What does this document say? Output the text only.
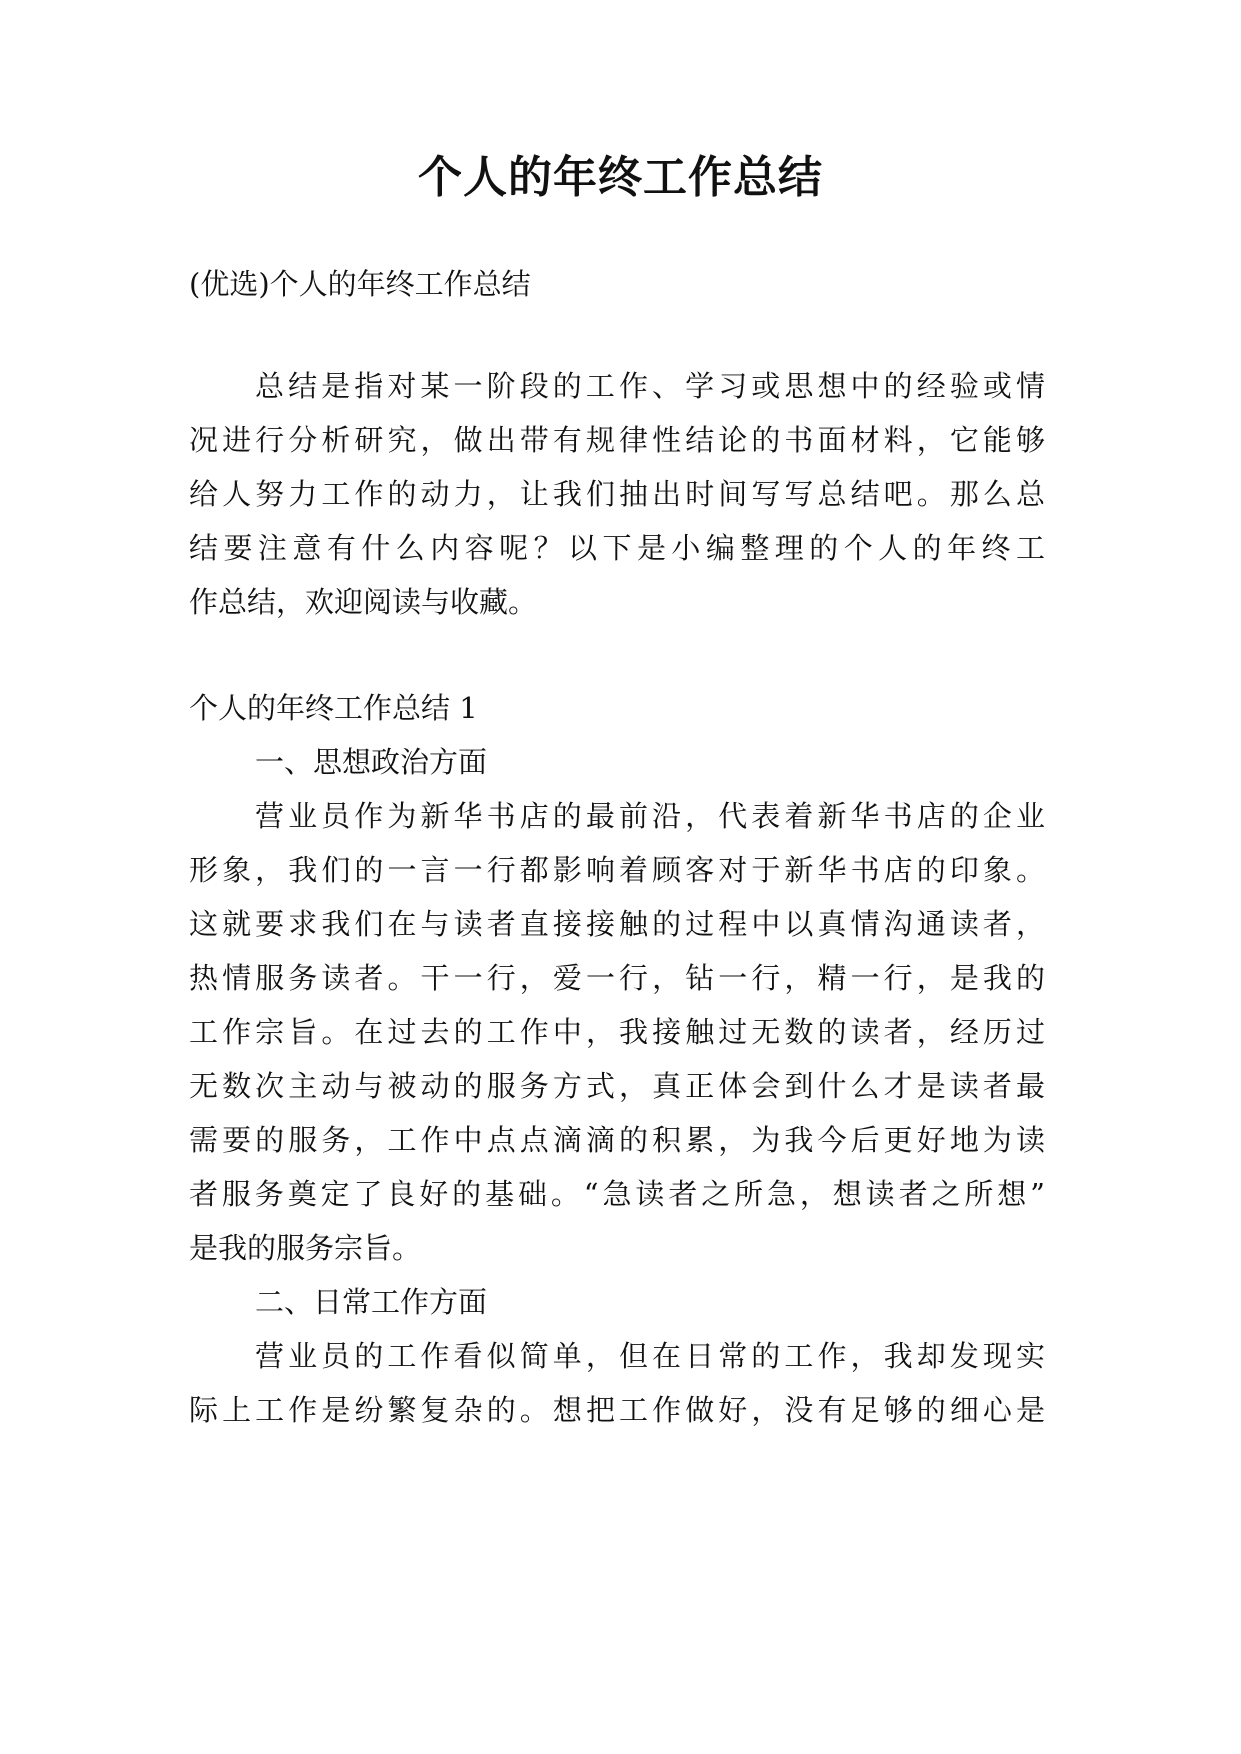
个人的年终工作总结

(优选)个人的年终工作总结

总结是指对某一阶段的工作、学习或思想中的经验或情

况进行分析研究，做出带有规律性结论的书面材料，它能够

给人努力工作的动力，让我们抽出时间写写总结吧。那么总

结要注意有什么内容呢？以下是小编整理的个人的年终工

作总结，欢迎阅读与收藏。

个人的年终工作总结 1

一、思想政治方面

营业员作为新华书店的最前沿，代表着新华书店的企业

形象，我们的一言一行都影响着顾客对于新华书店的印象。

这就要求我们在与读者直接接触的过程中以真情沟通读者，

热情服务读者。干一行，爱一行，钻一行，精一行，是我的

工作宗旨。在过去的工作中，我接触过无数的读者，经历过

无数次主动与被动的服务方式，真正体会到什么才是读者最

需要的服务，工作中点点滴滴的积累，为我今后更好地为读

者服务奠定了良好的基础。“急读者之所急，想读者之所想”

是我的服务宗旨。

二、日常工作方面

营业员的工作看似简单，但在日常的工作，我却发现实

际上工作是纷繁复杂的。想把工作做好，没有足够的细心是
